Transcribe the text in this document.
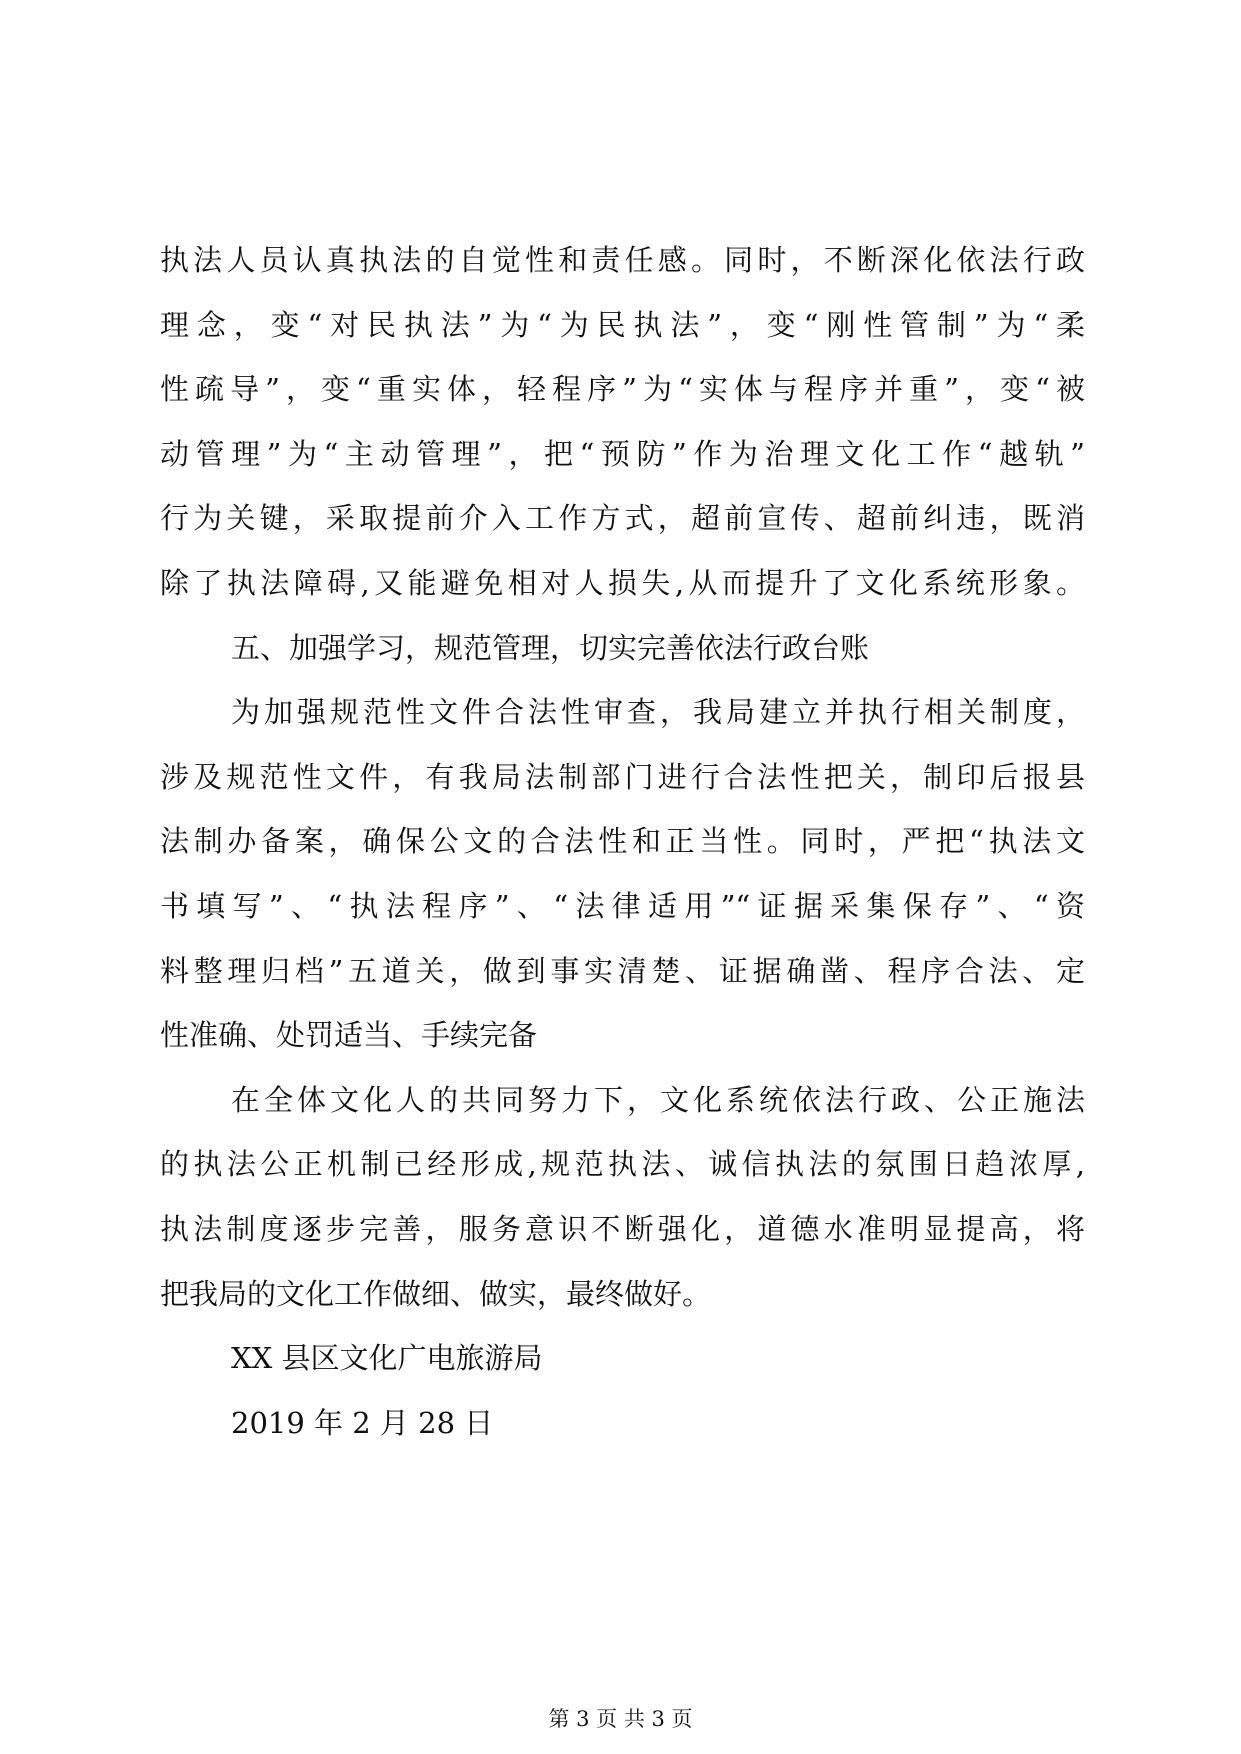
执法人员认真执法的自觉性和责任感。同时，不断深化依法行政
理念，变“对民执法”为“为民执法”，变“刚性管制”为“柔
性疏导”，变“重实体，轻程序”为“实体与程序并重”，变“被
动管理”为“主动管理”，把“预防”作为治理文化工作“越轨”
行为关键，采取提前介入工作方式，超前宣传、超前纠违，既消
除了执法障碍,又能避免相对人损失,从而提升了文化系统形象。
五、加强学习，规范管理，切实完善依法行政台账
为加强规范性文件合法性审查，我局建立并执行相关制度，
涉及规范性文件，有我局法制部门进行合法性把关，制印后报县
法制办备案，确保公文的合法性和正当性。同时，严把“执法文
书填写”、“执法程序”、“法律适用”“证据采集保存”、“资
料整理归档”五道关，做到事实清楚、证据确凿、程序合法、定
性准确、处罚适当、手续完备
在全体文化人的共同努力下，文化系统依法行政、公正施法
的执法公正机制已经形成,规范执法、诚信执法的氛围日趋浓厚,
执法制度逐步完善，服务意识不断强化，道德水准明显提高，将
把我局的文化工作做细、做实，最终做好。
XX 县区文化广电旅游局
2019 年 2 月 28 日
第 3 页 共 3 页
